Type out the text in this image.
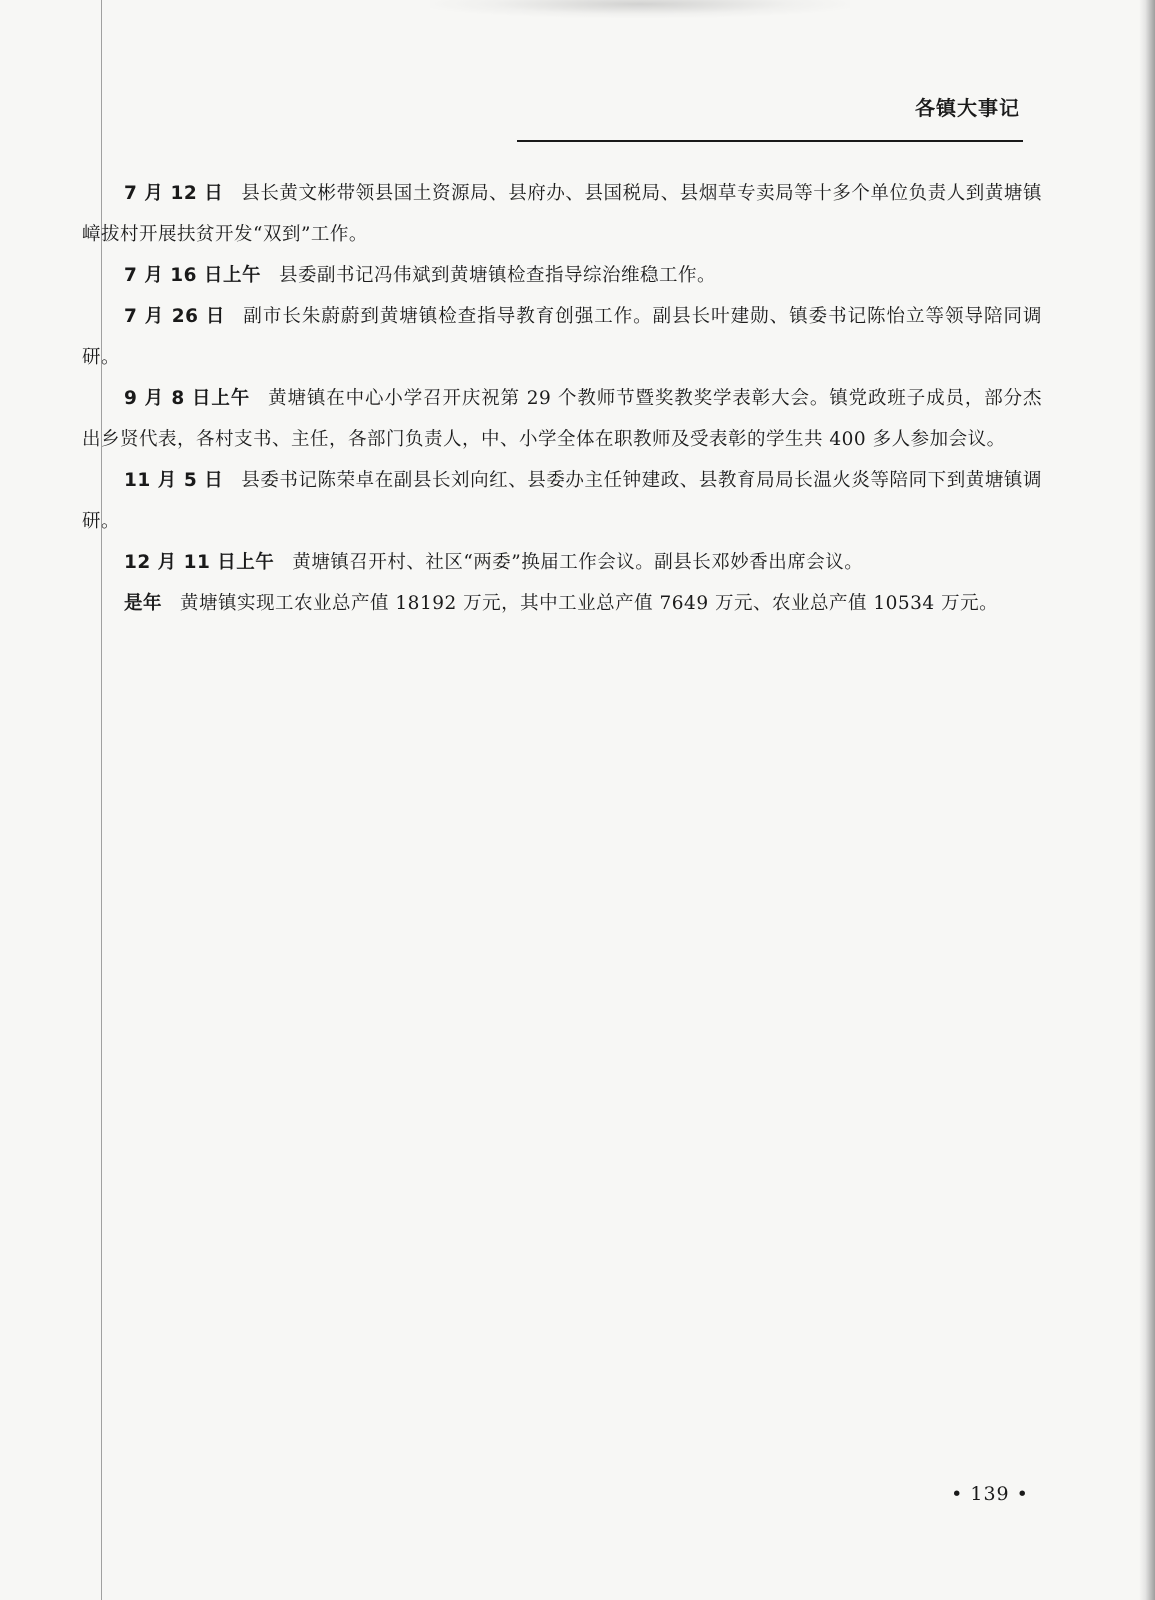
各镇大事记

7 月 12 日 县长黄文彬带领县国土资源局、县府办、县国税局、县烟草专卖局等十多个单位负责人到黄塘镇嶂拔村开展扶贫开发“双到”工作。

7 月 16 日上午 县委副书记冯伟斌到黄塘镇检查指导综治维稳工作。

7 月 26 日 副市长朱蔚蔚到黄塘镇检查指导教育创强工作。副县长叶建勋、镇委书记陈怡立等领导陪同调研。

9 月 8 日上午 黄塘镇在中心小学召开庆祝第 29 个教师节暨奖教奖学表彰大会。镇党政班子成员，部分杰出乡贤代表，各村支书、主任，各部门负责人，中、小学全体在职教师及受表彰的学生共 400 多人参加会议。

11 月 5 日 县委书记陈荣卓在副县长刘向红、县委办主任钟建政、县教育局局长温火炎等陪同下到黄塘镇调研。

12 月 11 日上午 黄塘镇召开村、社区“两委”换届工作会议。副县长邓妙香出席会议。

是年 黄塘镇实现工农业总产值 18192 万元，其中工业总产值 7649 万元、农业总产值 10534 万元。

• 139 •
